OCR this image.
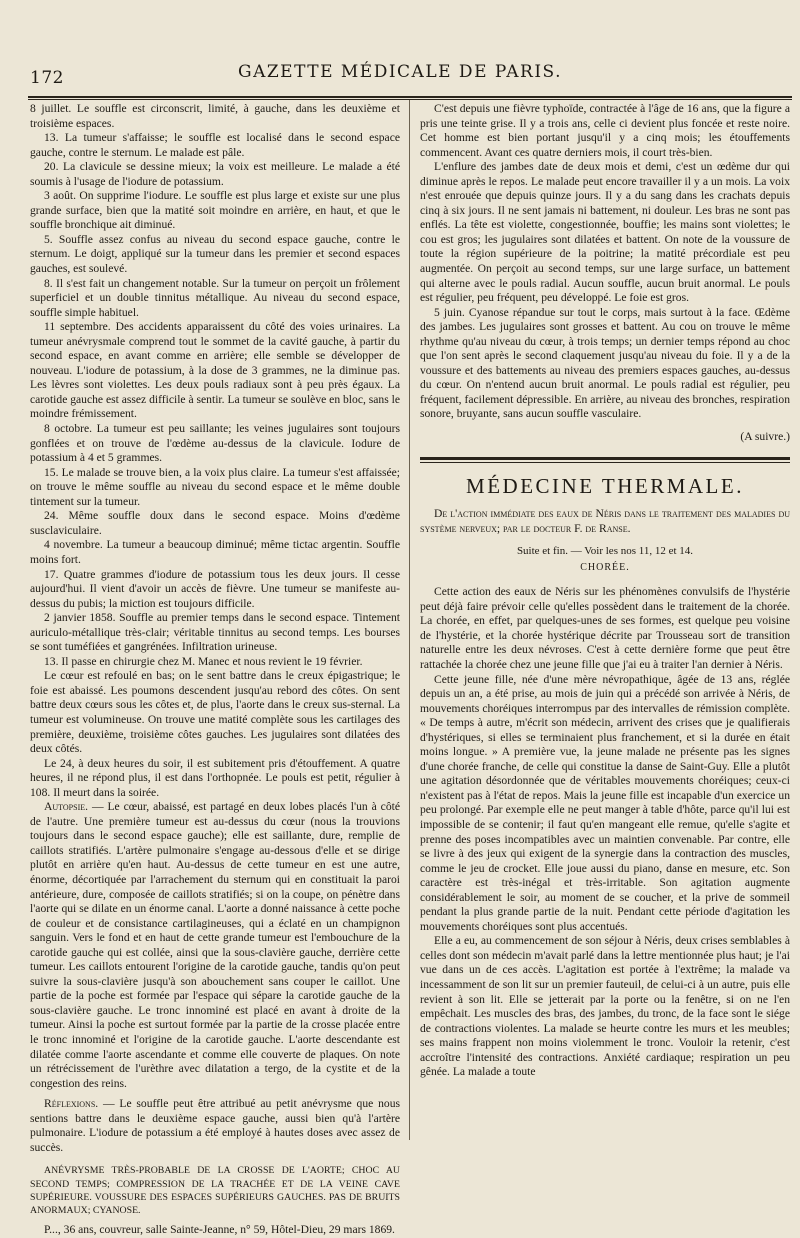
172	GAZETTE MÉDICALE DE PARIS.

8 juillet. Le souffle est circonscrit, limité, à gauche, dans les deuxième et troisième espaces.

13. La tumeur s'affaisse; le souffle est localisé dans le second espace gauche, contre le sternum. Le malade est pâle.

20. La clavicule se dessine mieux; la voix est meilleure. Le malade a été soumis à l'usage de l'iodure de potassium.

3 août. On supprime l'iodure. Le souffle est plus large et existe sur une plus grande surface, bien que la matité soit moindre en arrière, en haut, et que le souffle bronchique ait diminué.

5. Souffle assez confus au niveau du second espace gauche, contre le sternum. Le doigt, appliqué sur la tumeur dans les premier et second espaces gauches, est soulevé.

8. Il s'est fait un changement notable. Sur la tumeur on perçoit un frôlement superficiel et un double tinnitus métallique. Au niveau du second espace, souffle simple habituel.

11 septembre. Des accidents apparaissent du côté des voies urinaires. La tumeur anévrysmale comprend tout le sommet de la cavité gauche, à partir du second espace, en avant comme en arrière; elle semble se développer de nouveau. L'iodure de potassium, à la dose de 3 grammes, ne la diminue pas. Les lèvres sont violettes. Les deux pouls radiaux sont à peu près égaux. La carotide gauche est assez difficile à sentir. La tumeur se soulève en bloc, sans le moindre frémissement.

8 octobre. La tumeur est peu saillante; les veines jugulaires sont toujours gonflées et on trouve de l'œdème au-dessus de la clavicule. Iodure de potassium à 4 et 5 grammes.

15. Le malade se trouve bien, a la voix plus claire. La tumeur s'est affaissée; on trouve le même souffle au niveau du second espace et le même double tintement sur la tumeur.

24. Même souffle doux dans le second espace. Moins d'œdème susclaviculaire.

4 novembre. La tumeur a beaucoup diminué; même tictac argentin. Souffle moins fort.

17. Quatre grammes d'iodure de potassium tous les deux jours. Il cesse aujourd'hui. Il vient d'avoir un accès de fièvre. Une tumeur se manifeste au-dessus du pubis; la miction est toujours difficile.

2 janvier 1858. Souffle au premier temps dans le second espace. Tintement auriculo-métallique très-clair; véritable tinnitus au second temps. Les bourses se sont tuméfiées et gangrénées. Infiltration urineuse.

13. Il passe en chirurgie chez M. Manec et nous revient le 19 février.

Le cœur est refoulé en bas; on le sent battre dans le creux épigastrique; le foie est abaissé. Les poumons descendent jusqu'au rebord des côtes. On sent battre deux cœurs sous les côtes et, de plus, l'aorte dans le creux sus-sternal. La tumeur est volumineuse. On trouve une matité complète sous les cartilages des première, deuxième, troisième côtes gauches. Les jugulaires sont dilatées des deux côtés.

Le 24, à deux heures du soir, il est subitement pris d'étouffement. A quatre heures, il ne répond plus, il est dans l'orthopnée. Le pouls est petit, régulier à 108. Il meurt dans la soirée.

Autopsie. — Le cœur, abaissé, est partagé en deux lobes placés l'un à côté de l'autre. Une première tumeur est au-dessus du cœur (nous la trouvions toujours dans le second espace gauche); elle est saillante, dure, remplie de caillots stratifiés. L'artère pulmonaire s'engage au-dessous d'elle et se dirige plutôt en arrière qu'en haut. Au-dessus de cette tumeur en est une autre, énorme, décortiquée par l'arrachement du sternum qui en constituait la paroi antérieure, dure, composée de caillots stratifiés; si on la coupe, on pénètre dans l'aorte qui se dilate en un énorme canal. L'aorte a donné naissance à cette poche de couleur et de consistance cartilagineuses, qui a éclaté en un champignon sanguin. Vers le fond et en haut de cette grande tumeur est l'embouchure de la carotide gauche qui est collée, ainsi que la sous-clavière gauche, derrière cette tumeur. Les caillots entourent l'origine de la carotide gauche, tandis qu'on peut suivre la sous-clavière jusqu'à son abouchement sans couper le caillot. Une partie de la poche est formée par l'espace qui sépare la carotide gauche de la sous-clavière gauche. Le tronc innominé est placé en avant à droite de la tumeur. Ainsi la poche est surtout formée par la partie de la crosse placée entre le tronc innominé et l'origine de la carotide gauche. L'aorte descendante est dilatée comme l'aorte ascendante et comme elle couverte de plaques. On note un rétrécissement de l'urèthre avec dilatation a tergo, de la cystite et de la congestion des reins.

Réflexions. — Le souffle peut être attribué au petit anévrysme que nous sentions battre dans le deuxième espace gauche, aussi bien qu'à l'artère pulmonaire. L'iodure de potassium a été employé à hautes doses avec assez de succès.

ANÉVRYSME TRÈS-PROBABLE DE LA CROSSE DE L'AORTE; CHOC AU SECOND TEMPS; COMPRESSION DE LA TRACHÉE ET DE LA VEINE CAVE SUPÉRIEURE. VOUSSURE DES ESPACES SUPÉRIEURS GAUCHES. PAS DE BRUITS ANORMAUX; CYANOSE.

P..., 36 ans, couvreur, salle Sainte-Jeanne, n° 59, Hôtel-Dieu, 29 mars 1869.

C'est depuis une fièvre typhoïde, contractée à l'âge de 16 ans, que la figure a pris une teinte grise. Il y a trois ans, celle ci devient plus foncée et reste noire. Cet homme est bien portant jusqu'il y a cinq mois; les étouffements commencent. Avant ces quatre derniers mois, il court très-bien.

L'enflure des jambes date de deux mois et demi, c'est un œdème dur qui diminue après le repos. Le malade peut encore travailler il y a un mois. La voix n'est enrouée que depuis quinze jours. Il y a du sang dans les crachats depuis cinq à six jours. Il ne sent jamais ni battement, ni douleur. Les bras ne sont pas enflés. La tête est violette, congestionnée, bouffie; les mains sont violettes; le cou est gros; les jugulaires sont dilatées et battent. On note de la voussure de toute la région supérieure de la poitrine; la matité précordiale est peu augmentée. On perçoit au second temps, sur une large surface, un battement qui alterne avec le pouls radial. Aucun souffle, aucun bruit anormal. Le pouls est régulier, peu fréquent, peu développé. Le foie est gros.

5 juin. Cyanose répandue sur tout le corps, mais surtout à la face. Œdème des jambes. Les jugulaires sont grosses et battent. Au cou on trouve le même rhythme qu'au niveau du cœur, à trois temps; un dernier temps répond au choc que l'on sent après le second claquement jusqu'au niveau du foie. Il y a de la voussure et des battements au niveau des premiers espaces gauches, au-dessus du cœur. On n'entend aucun bruit anormal. Le pouls radial est régulier, peu fréquent, facilement dépressible. En arrière, au niveau des bronches, respiration sonore, bruyante, sans aucun souffle vasculaire.

(A suivre.)

MÉDECINE THERMALE.

De l'action immédiate des eaux de Néris dans le traitement des maladies du système nerveux; par le docteur F. de Ranse.

Suite et fin. — Voir les nos 11, 12 et 14.
CHORÉE.

Cette action des eaux de Néris sur les phénomènes convulsifs de l'hystérie peut déjà faire prévoir celle qu'elles possèdent dans le traitement de la chorée. La chorée, en effet, par quelques-unes de ses formes, est quelque peu voisine de l'hystérie, et la chorée hystérique décrite par Trousseau sort de transition naturelle entre les deux névroses. C'est à cette dernière forme que peut être rattachée la chorée chez une jeune fille que j'ai eu à traiter l'an dernier à Néris.

Cette jeune fille, née d'une mère névropathique, âgée de 13 ans, réglée depuis un an, a été prise, au mois de juin qui a précédé son arrivée à Néris, de mouvements choréiques interrompus par des intervalles de rémission complète. « De temps à autre, m'écrit son médecin, arrivent des crises que je qualifierais d'hystériques, si elles se terminaient plus franchement, et si la durée en était moins longue. » A première vue, la jeune malade ne présente pas les signes d'une chorée franche, de celle qui constitue la danse de Saint-Guy. Elle a plutôt une agitation désordonnée que de véritables mouvements choréiques; ceux-ci n'existent pas à l'état de repos. Mais la jeune fille est incapable d'un exercice un peu prolongé. Par exemple elle ne peut manger à table d'hôte, parce qu'il lui est impossible de se contenir; il faut qu'en mangeant elle remue, qu'elle s'agite et prenne des poses incompatibles avec un maintien convenable. Par contre, elle se livre à des jeux qui exigent de la synergie dans la contraction des muscles, comme le jeu de crocket. Elle joue aussi du piano, danse en mesure, etc. Son caractère est très-inégal et très-irritable. Son agitation augmente considérablement le soir, au moment de se coucher, et la prive de sommeil pendant la plus grande partie de la nuit. Pendant cette période d'agitation les mouvements choréiques sont plus accentués.

Elle a eu, au commencement de son séjour à Néris, deux crises semblables à celles dont son médecin m'avait parlé dans la lettre mentionnée plus haut; je l'ai vue dans un de ces accès. L'agitation est portée à l'extrême; la malade va incessamment de son lit sur un premier fauteuil, de celui-ci à un autre, puis elle revient à son lit. Elle se jetterait par la porte ou la fenêtre, si on ne l'en empêchait. Les muscles des bras, des jambes, du tronc, de la face sont le siége de contractions violentes. La malade se heurte contre les murs et les meubles; ses mains frappent non moins violemment le tronc. Vouloir la retenir, c'est accroître l'intensité des contractions. Anxiété cardiaque; respiration un peu gênée. La malade a toute
